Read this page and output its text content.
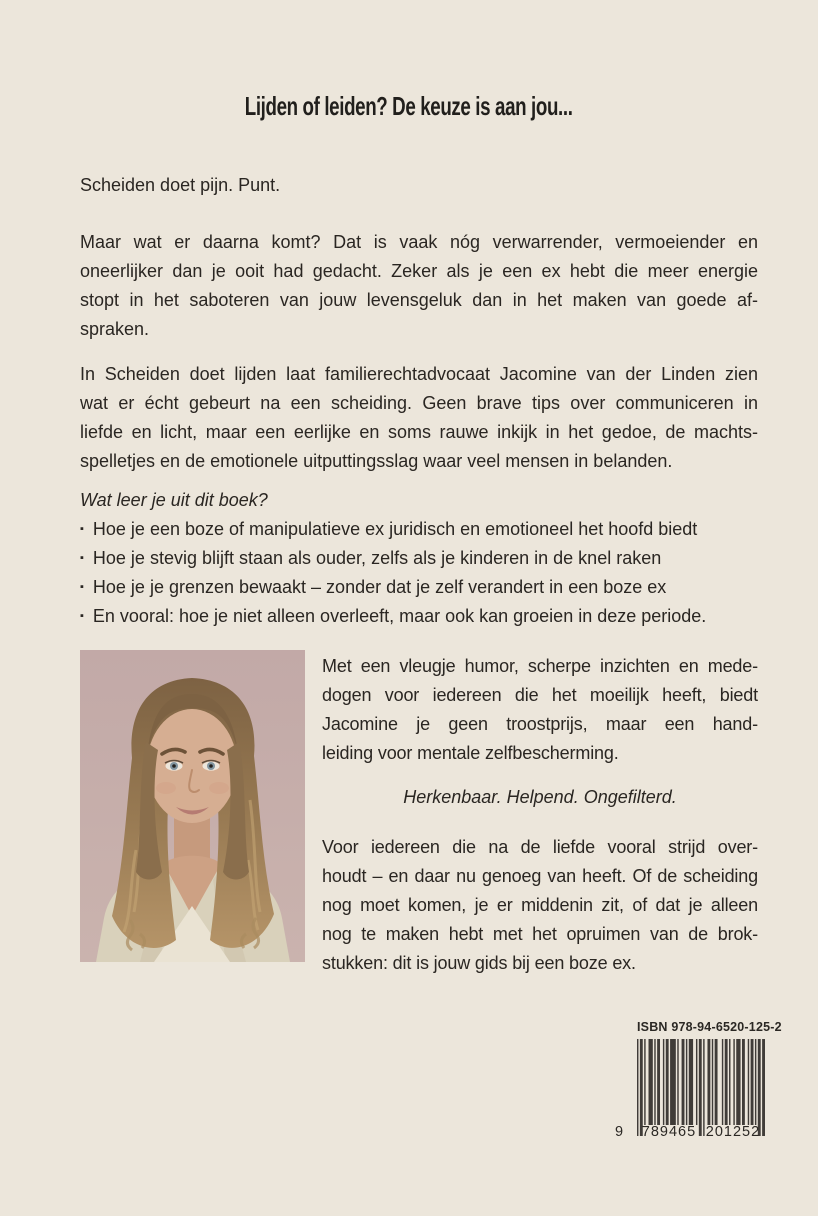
Lijden of leiden? De keuze is aan jou...
Scheiden doet pijn. Punt.
Maar wat er daarna komt? Dat is vaak nóg verwarrender, vermoeiender en
oneerlijker dan je ooit had gedacht. Zeker als je een ex hebt die meer energie
stopt in het saboteren van jouw levensgeluk dan in het maken van goede af-
spraken.
In Scheiden doet lijden laat familierechtadvocaat Jacomine van der Linden zien
wat er écht gebeurt na een scheiding. Geen brave tips over communiceren in
liefde en licht, maar een eerlijke en soms rauwe inkijk in het gedoe, de machts-
spelletjes en de emotionele uitputtingsslag waar veel mensen in belanden.
Wat leer je uit dit boek?
▪ Hoe je een boze of manipulatieve ex juridisch en emotioneel het hoofd biedt
▪ Hoe je stevig blijft staan als ouder, zelfs als je kinderen in de knel raken
▪ Hoe je je grenzen bewaakt – zonder dat je zelf verandert in een boze ex
▪ En vooral: hoe je niet alleen overleeft, maar ook kan groeien in deze periode.
Met een vleugje humor, scherpe inzichten en mede-
dogen voor iedereen die het moeilijk heeft, biedt
Jacomine je geen troostprijs, maar een hand-
leiding voor mentale zelfbescherming.
Herkenbaar. Helpend. Ongefilterd.
Voor iedereen die na de liefde vooral strijd over-
houdt – en daar nu genoeg van heeft. Of de scheiding
nog moet komen, je er middenin zit, of dat je alleen
nog te maken hebt met het opruimen van de brok-
stukken: dit is jouw gids bij een boze ex.
ISBN 978-94-6520-125-2
9	789465 201252
